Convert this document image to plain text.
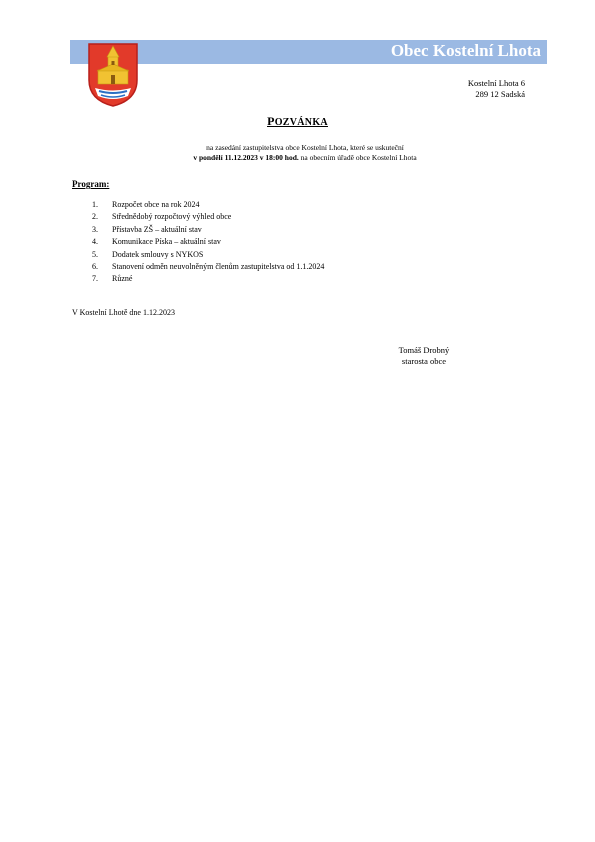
Obec Kostelní Lhota
Kostelní Lhota 6
289 12 Sadská
POZVÁNKA
na zasedání zastupitelstva obce Kostelní Lhota, které se uskuteční
v pondělí 11.12.2023 v 18:00 hod. na obecním úřadě obce Kostelní Lhota
Program:
1. Rozpočet obce na rok 2024
2. Střednědobý rozpočtový výhled obce
3. Přístavba ZŠ – aktuální stav
4. Komunikace Píska – aktuální stav
5. Dodatek smlouvy s NYKOS
6. Stanovení odměn neuvolněným členům zastupitelstva od 1.1.2024
7. Různé
V Kostelní Lhotě dne 1.12.2023
Tomáš Drobný
starosta obce
